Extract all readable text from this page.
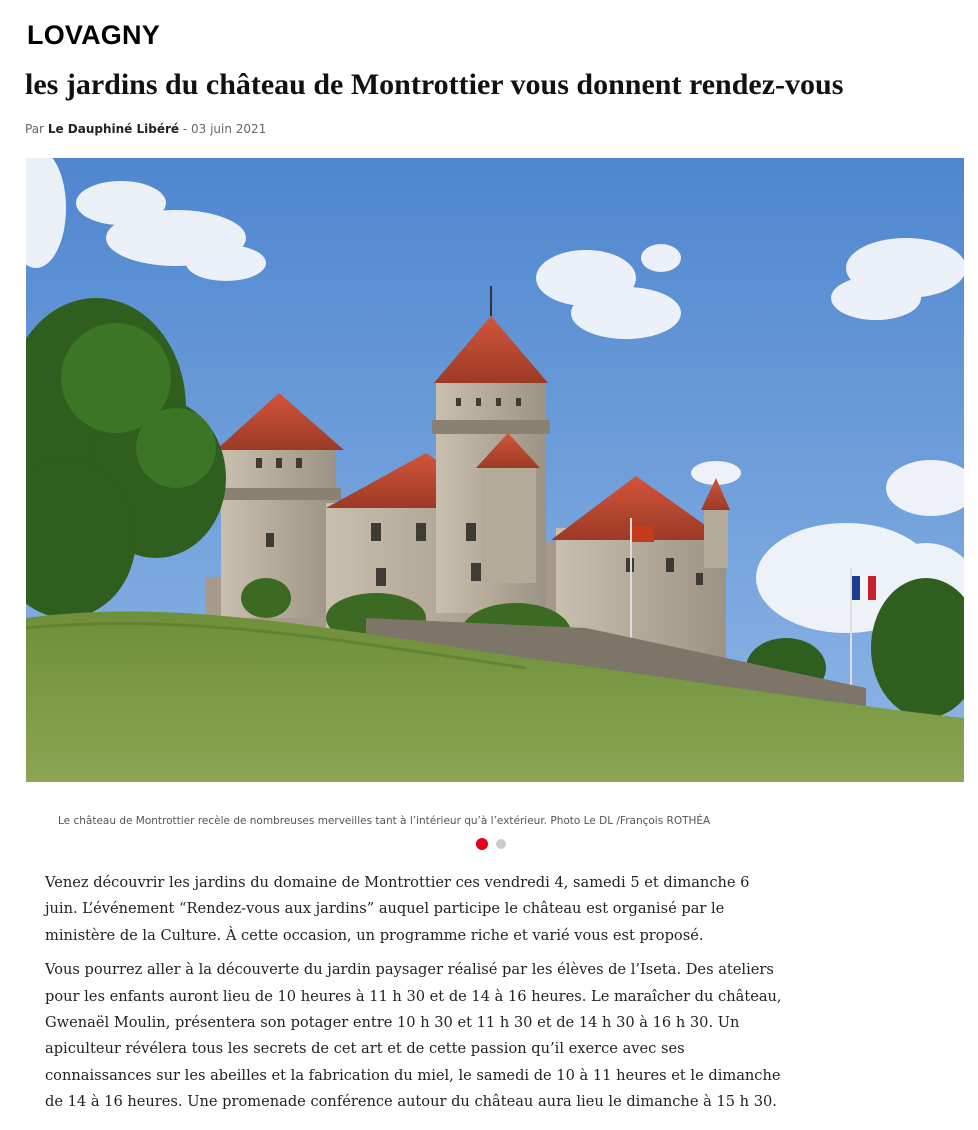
LOVAGNY
les jardins du château de Montrottier vous donnent rendez-vous
Par Le Dauphiné Libéré - 03 juin 2021
Le château de Montrottier recèle de nombreuses merveilles tant à l’intérieur qu’à l’extérieur. Photo Le DL /François ROTHÉA

Venez découvrir les jardins du domaine de Montrottier ces vendredi 4, samedi 5 et dimanche 6 juin. L’événement “Rendez-vous aux jardins” auquel participe le château est organisé par le ministère de la Culture. À cette occasion, un programme riche et varié vous est proposé.

Vous pourrez aller à la découverte du jardin paysager réalisé par les élèves de l’Iseta. Des ateliers pour les enfants auront lieu de 10 heures à 11 h 30 et de 14 à 16 heures. Le maraîcher du château, Gwenaël Moulin, présentera son potager entre 10 h 30 et 11 h 30 et de 14 h 30 à 16 h 30. Un apiculteur révélera tous les secrets de cet art et de cette passion qu’il exerce avec ses connaissances sur les abeilles et la fabrication du miel, le samedi de 10 à 11 heures et le dimanche de 14 à 16 heures. Une promenade conférence autour du château aura lieu le dimanche à 15 h 30.
